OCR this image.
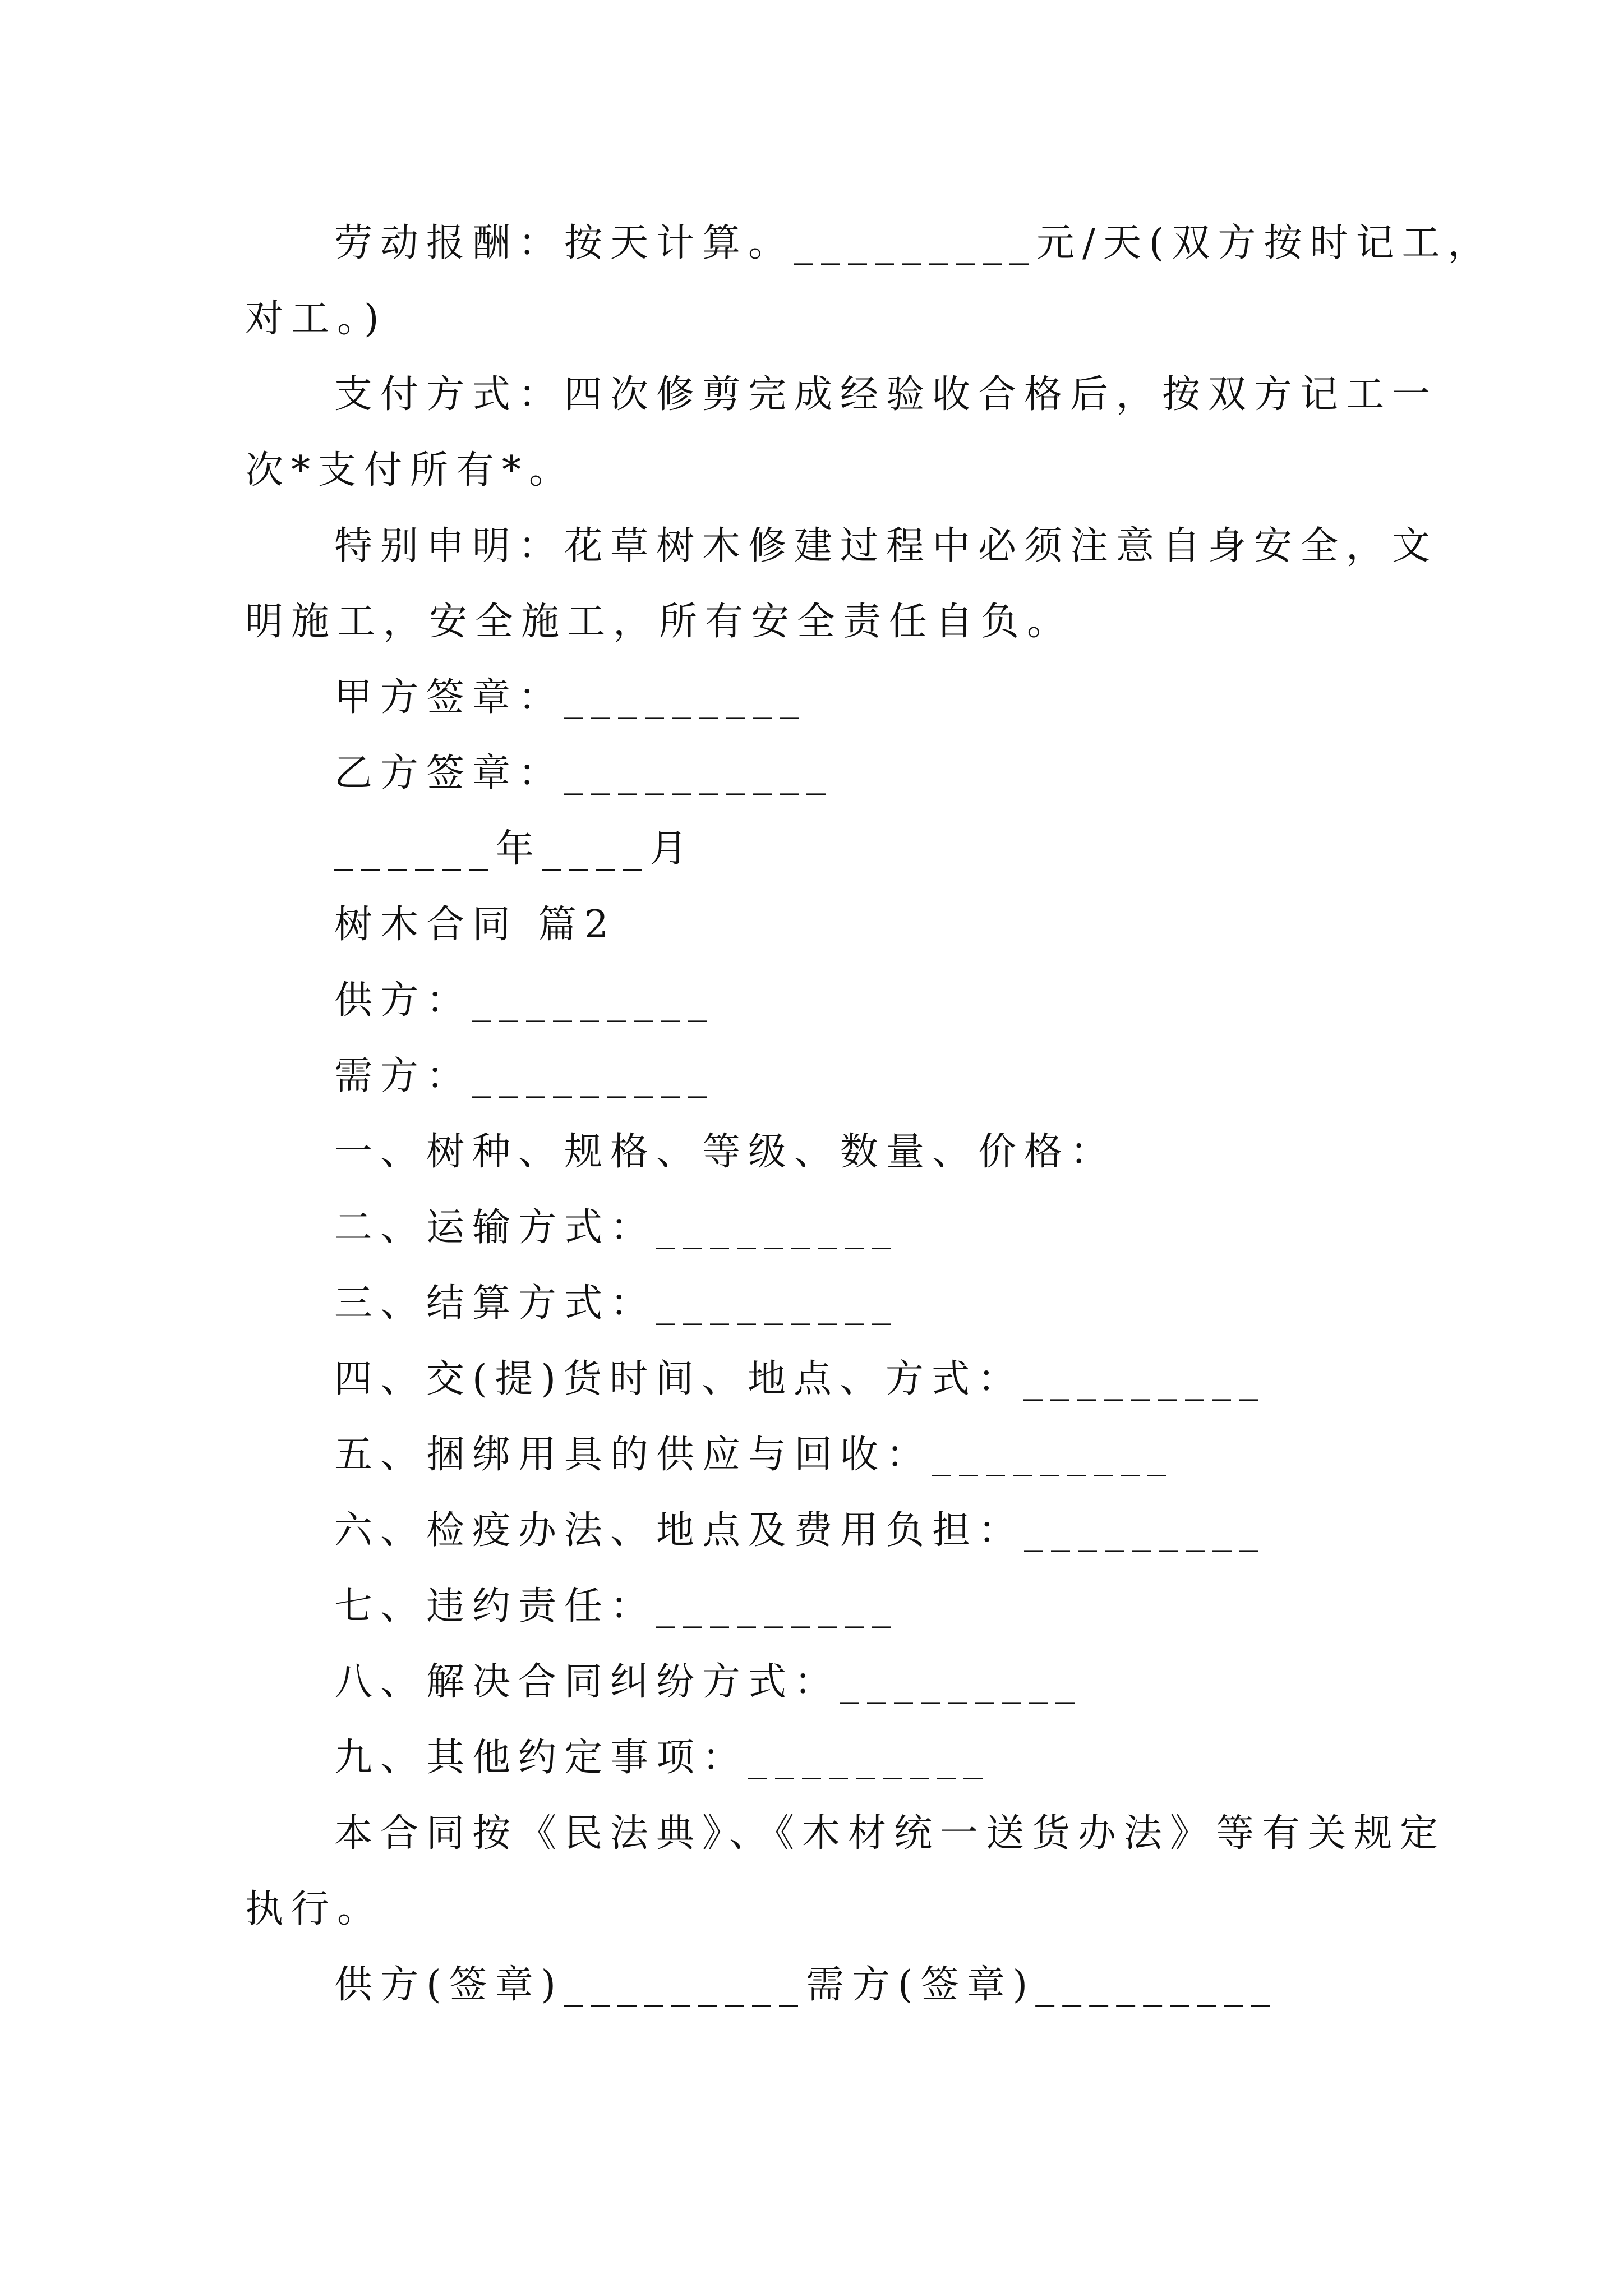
劳动报酬：按天计算。_________元/天(双方按时记工，
对工。)
支付方式：四次修剪完成经验收合格后，按双方记工一
次*支付所有*。
特别申明：花草树木修建过程中必须注意自身安全，文
明施工，安全施工，所有安全责任自负。
甲方签章：_________
乙方签章：__________
______年____月
树木合同 篇2
供方：_________
需方：_________
一、树种、规格、等级、数量、价格：
二、运输方式：_________
三、结算方式：_________
四、交(提)货时间、地点、方式：_________
五、捆绑用具的供应与回收：_________
六、检疫办法、地点及费用负担：_________
七、违约责任：_________
八、解决合同纠纷方式：_________
九、其他约定事项：_________
本合同按《民法典》、《木材统一送货办法》等有关规定
执行。
供方(签章)_________需方(签章)_________
